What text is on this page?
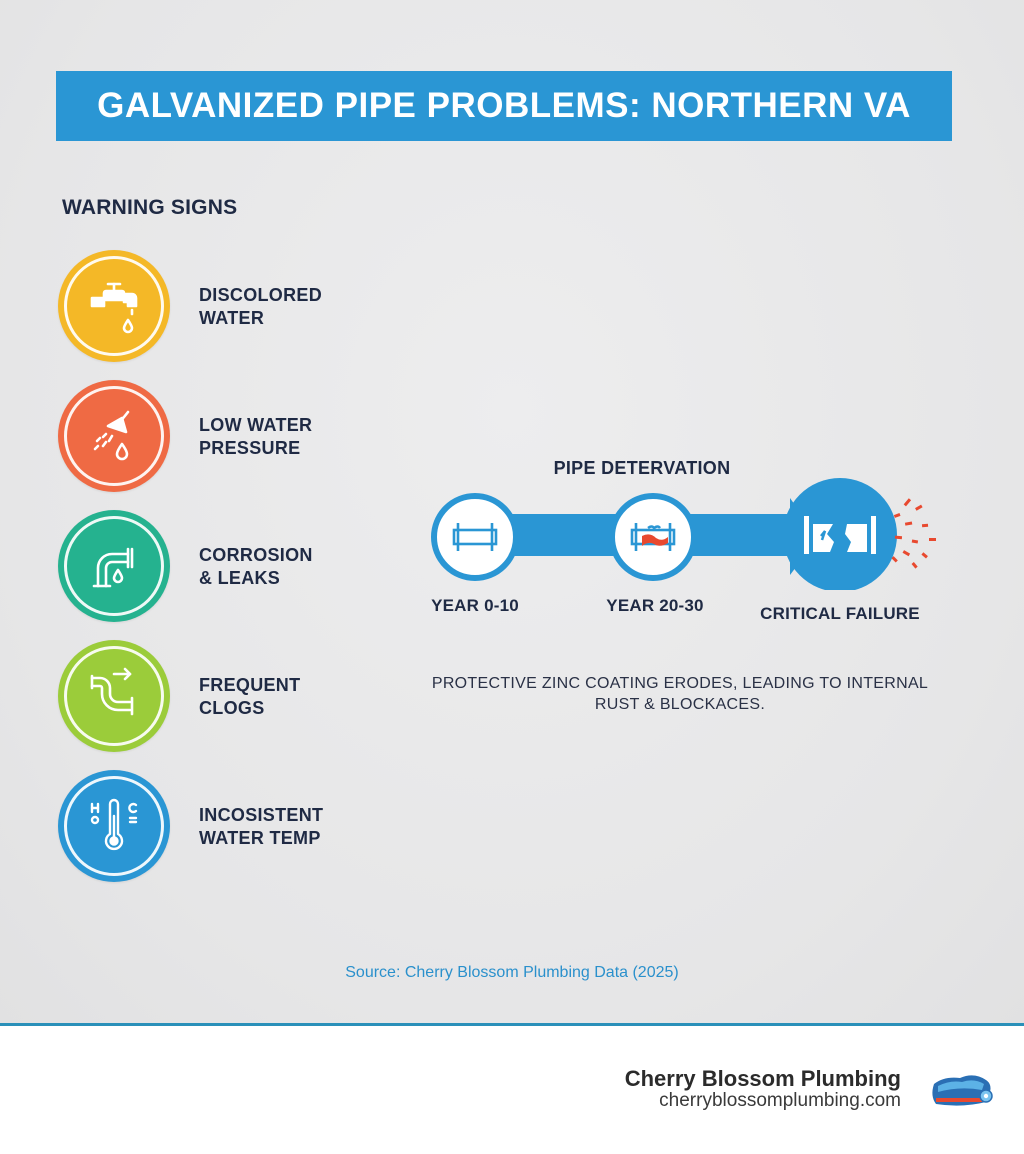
GALVANIZED PIPE PROBLEMS: NORTHERN VA
WARNING SIGNS
DISCOLORED
WATER
LOW WATER
PRESSURE
CORROSION
& LEAKS
FREQUENT
CLOGS
INCOSISTENT
WATER TEMP
PIPE DETERVATION
YEAR 0-10	YEAR 20-30	CRITICAL FAILURE
PROTECTIVE ZINC COATING ERODES, LEADING TO INTERNAL
RUST & BLOCKACES.
Source: Cherry Blossom Plumbing Data (2025)
Cherry Blossom Plumbing
cherryblossomplumbing.com
